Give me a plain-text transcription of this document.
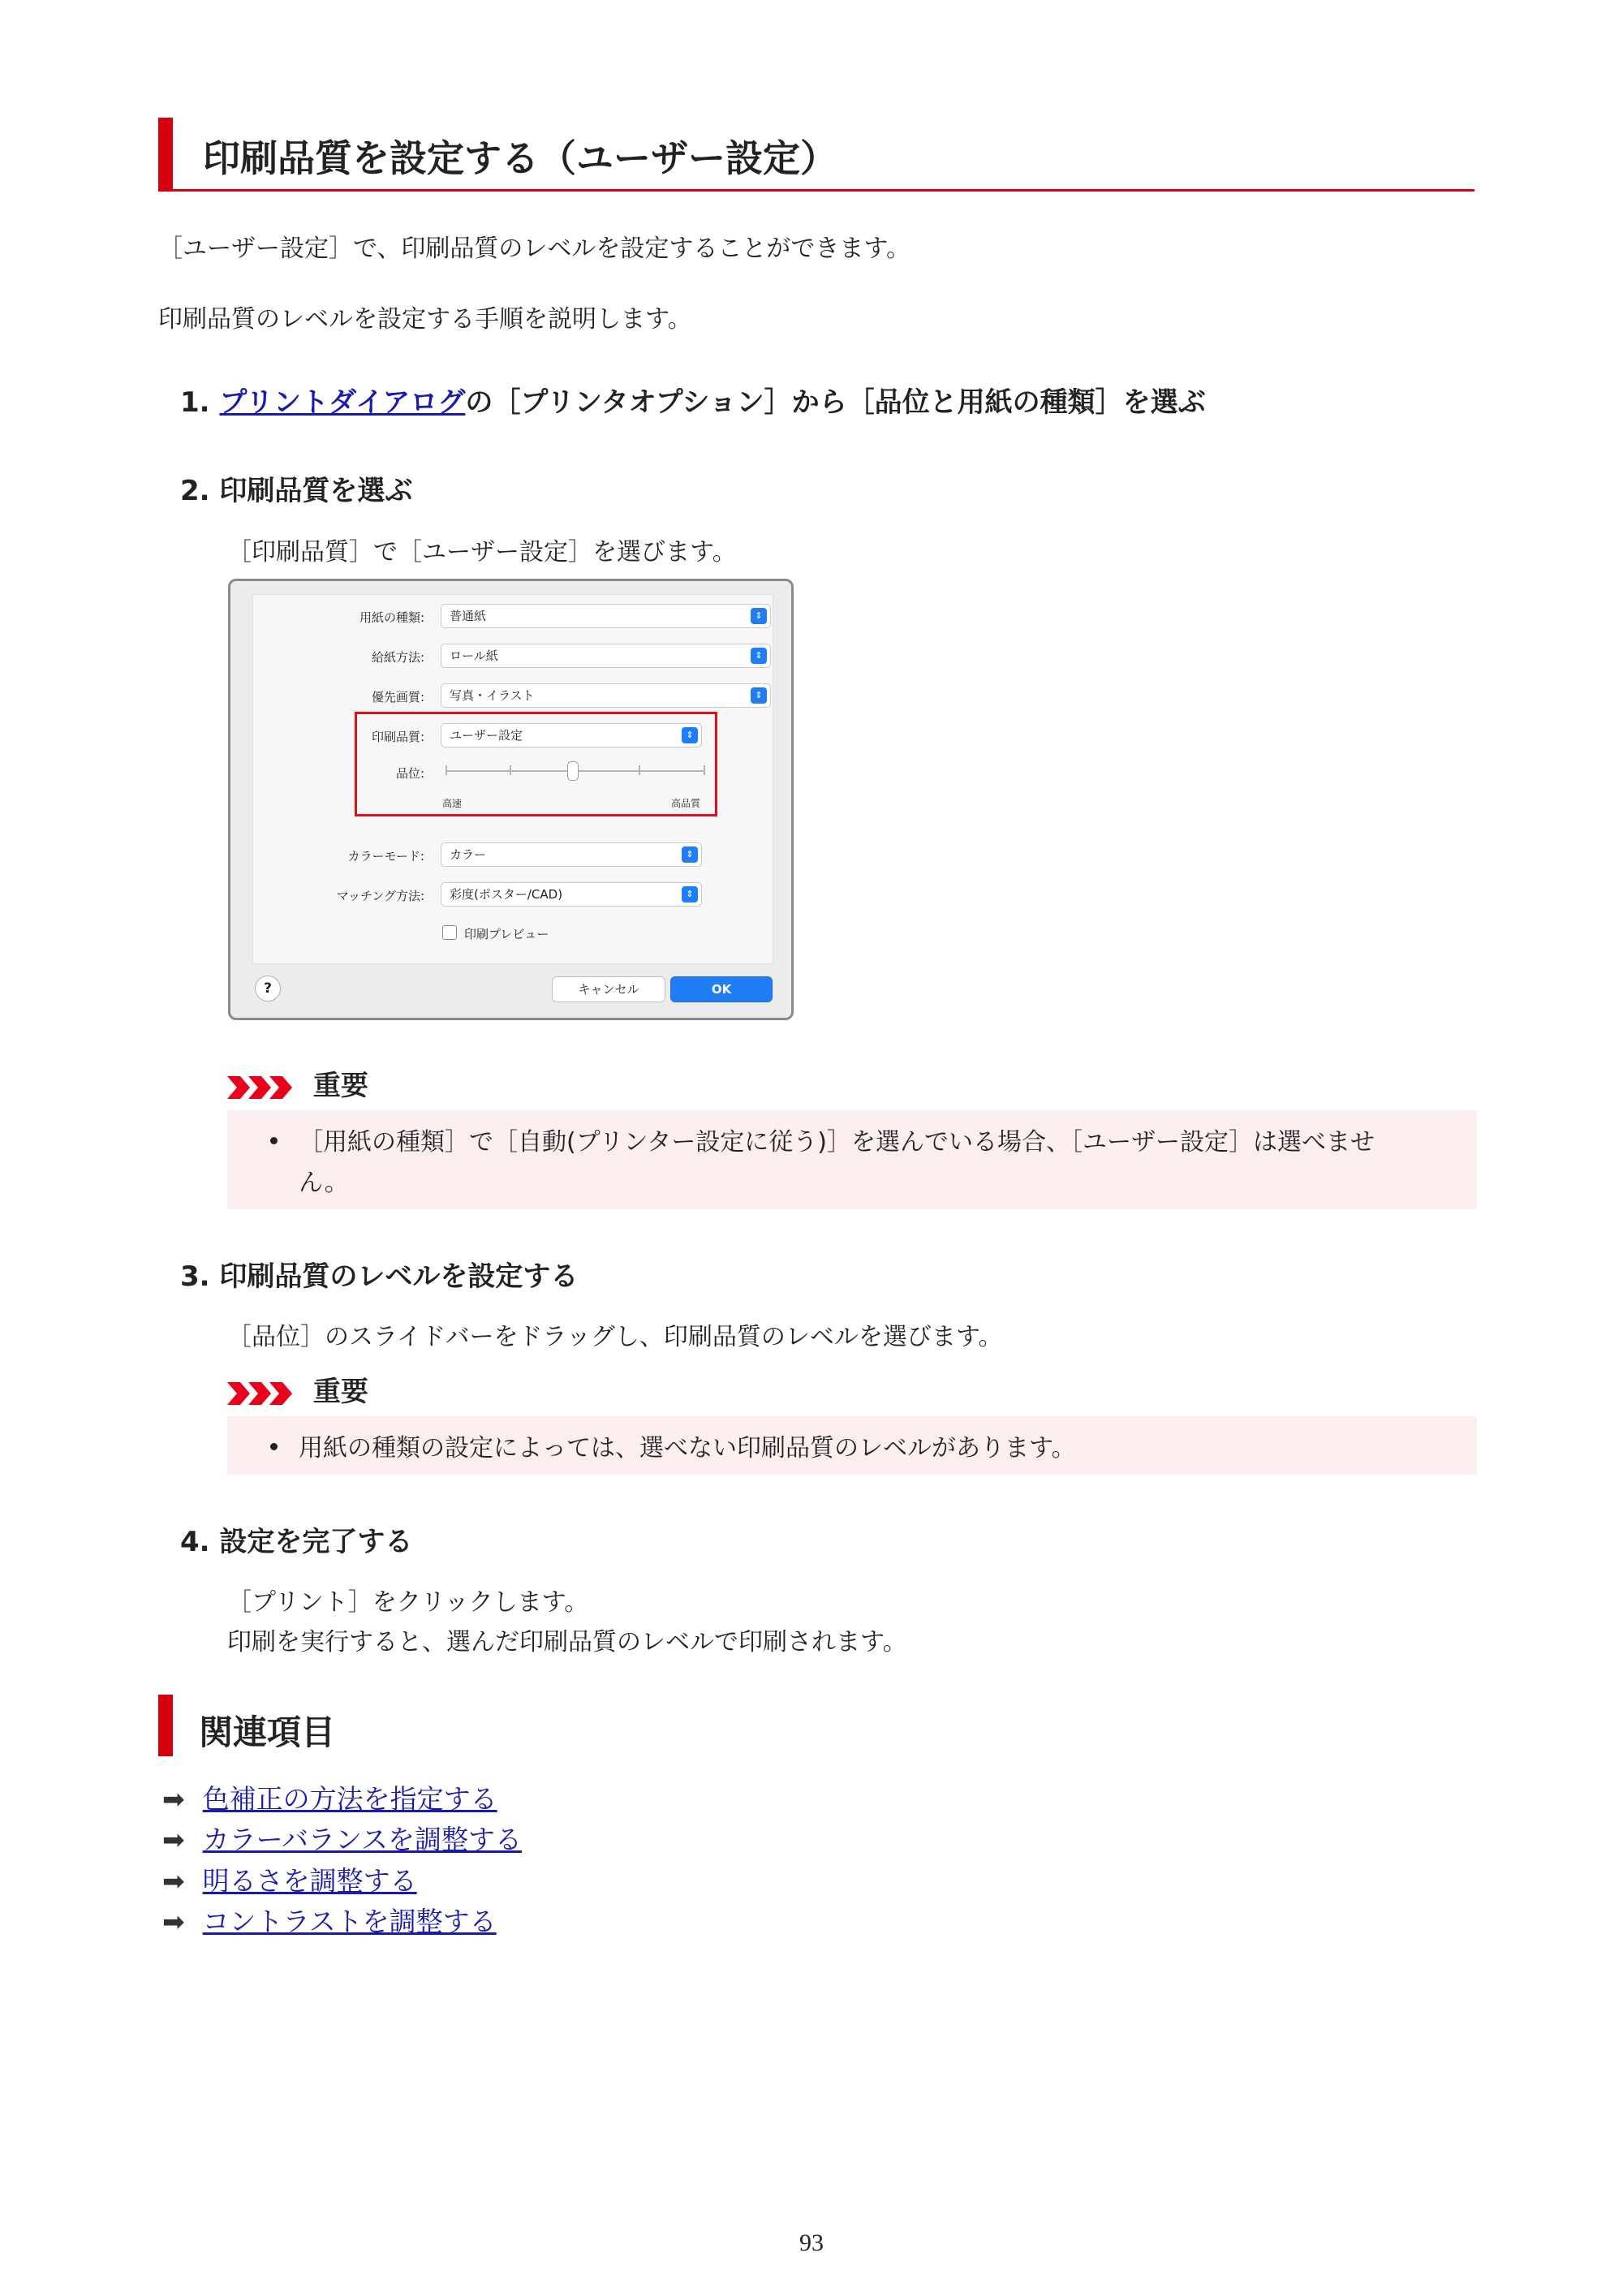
印刷品質を設定する（ユーザー設定）
［ユーザー設定］で、印刷品質のレベルを設定することができます。
印刷品質のレベルを設定する手順を説明します。
1. プリントダイアログの［プリンタオプション］から［品位と用紙の種類］を選ぶ
2. 印刷品質を選ぶ
［印刷品質］で［ユーザー設定］を選びます。
用紙の種類:	普通紙	⇕
給紙方法:	ロール紙	⇕
優先画質:	写真・イラスト	⇕
印刷品質:	ユーザー設定	⇕
品位:
高速	高品質
カラーモード:	カラー	⇕
マッチング方法:	彩度(ポスター/CAD)	⇕
印刷プレビュー
?	キャンセル	OK
重要
［用紙の種類］で［自動(プリンター設定に従う)］を選んでいる場合、［ユーザー設定］は選べませ
ん。
3. 印刷品質のレベルを設定する
［品位］のスライドバーをドラッグし、印刷品質のレベルを選びます。
重要
用紙の種類の設定によっては、選べない印刷品質のレベルがあります。
4. 設定を完了する
［プリント］をクリックします。
印刷を実行すると、選んだ印刷品質のレベルで印刷されます。
関連項目
➡ 色補正の方法を指定する
➡ カラーバランスを調整する
➡ 明るさを調整する
➡ コントラストを調整する
93
